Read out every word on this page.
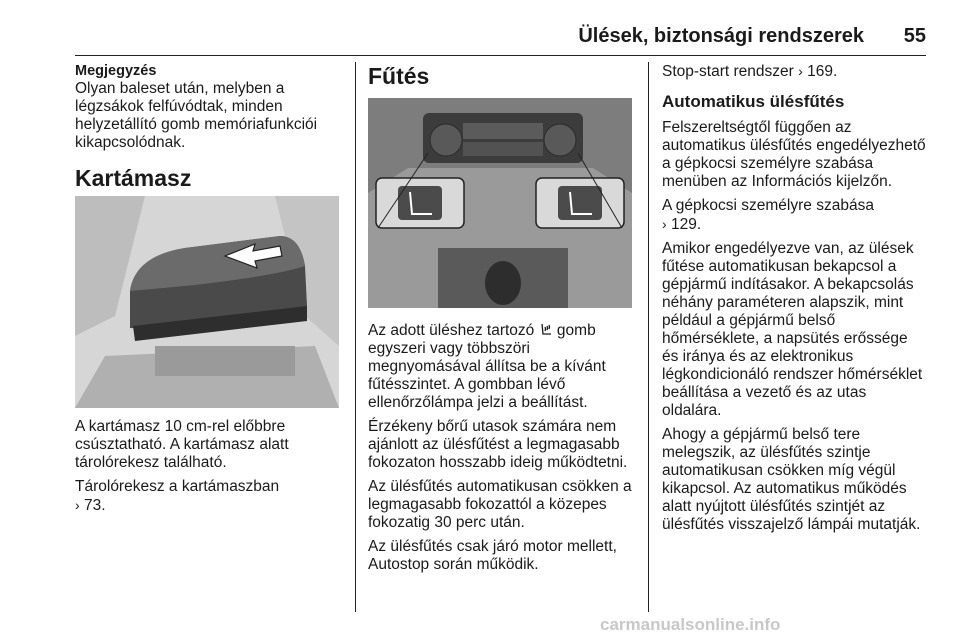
Ülések, biztonsági rendszerek 55
Megjegyzés

Olyan baleset után, melyben a légzsákok felfúvódtak, minden helyzetállító gomb memóriafunkciói kikapcsolódnak.

Kartámasz

A kartámasz 10 cm-rel előbbre csúsztatható. A kartámasz alatt tárolórekesz található.

Tárolórekesz a kartámaszban
› 73.

Fűtés

Az adott üléshez tartozó gomb egyszeri vagy többszöri megnyomásával állítsa be a kívánt fűtésszintet. A gombban lévő ellenőrzőlámpa jelzi a beállítást.

Érzékeny bőrű utasok számára nem ajánlott az ülésfűtést a legmagasabb fokozaton hosszabb ideig működtetni.

Az ülésfűtés automatikusan csökken a legmagasabb fokozattól a közepes fokozatig 30 perc után.

Az ülésfűtés csak járó motor mellett, Autostop során működik.

Stop-start rendszer › 169.

Automatikus ülésfűtés

Felszereltségtől függően az automatikus ülésfűtés engedélyezhető a gépkocsi személyre szabása menüben az Információs kijelzőn.

A gépkocsi személyre szabása
› 129.

Amikor engedélyezve van, az ülések fűtése automatikusan bekapcsol a gépjármű indításakor. A bekapcsolás néhány paraméteren alapszik, mint például a gépjármű belső hőmérséklete, a napsütés erőssége és iránya és az elektronikus légkondicionáló rendszer hőmérséklet beállítása a vezető és az utas oldalára.

Ahogy a gépjármű belső tere melegszik, az ülésfűtés szintje automatikusan csökken míg végül kikapcsol. Az automatikus működés alatt nyújtott ülésfűtés szintjét az ülésfűtés visszajelző lámpái mutatják.

carmanualsonline.info
